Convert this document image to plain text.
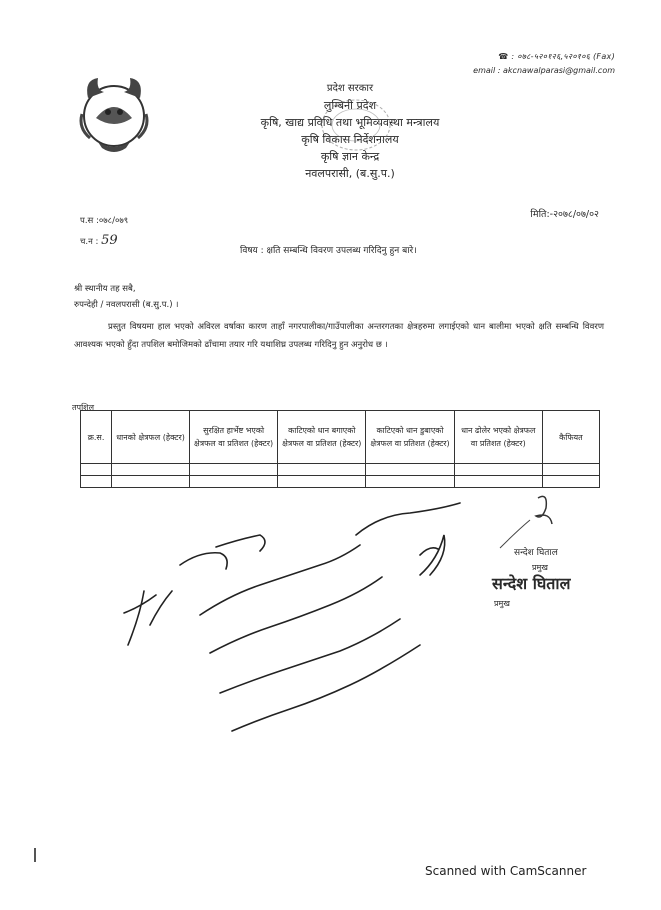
☎ : ०७८-५२०१२६,५२०१०६ (Fax)
email : akcnawalparasi@gmail.com
प्रदेश सरकार
लुम्बिनी प्रदेश
कृषि, खाद्य प्रविधि तथा भूमिव्यवस्था मन्त्रालय
कृषि विकास निर्देशनालय
कृषि ज्ञान केन्द्र
नवलपरासी, (ब.सु.प.)
प.स :०७८/०७९
च.न : 59
मिति:-२०७८/०७/०२
विषय : क्षति सम्बन्धि विवरण उपलब्ध गरिदिनु हुन बारे।
श्री स्थानीय तह सबै,
रुपन्देही / नवलपरासी (ब.सु.प.) ।
प्रस्तुत विषयमा हाल भएको अविरल वर्षाका कारण ताहाँ नगरपालीका/गाउँपालीका अन्तरगतका क्षेत्रहरुमा लगाईएको धान बालीमा भएको क्षति सम्बन्धि विवरण आवश्यक भएको हुँदा तपशिल बमोजिमको ढाँचामा तयार गरि यथाशिघ्र उपलब्ध गरिदिनु हुन अनुरोध छ ।
तपशिल
क्र.स.	धानको क्षेत्रफल (हेक्टर)	सुरक्षित हार्भेष्ट भएको क्षेत्रफल वा प्रतिशत (हेक्टर)	काटिएको धान बगाएको क्षेत्रफल वा प्रतिशत (हेक्टर)	काटिएको धान डुबाएको क्षेत्रफल वा प्रतिशत (हेक्टर)	धान ढोलेर भएको क्षेत्रफल वा प्रतिशत (हेक्टर)	कैफियत

सन्देश घिताल
प्रमुख
सन्देश घिताल
प्रमुख
Scanned with CamScanner
